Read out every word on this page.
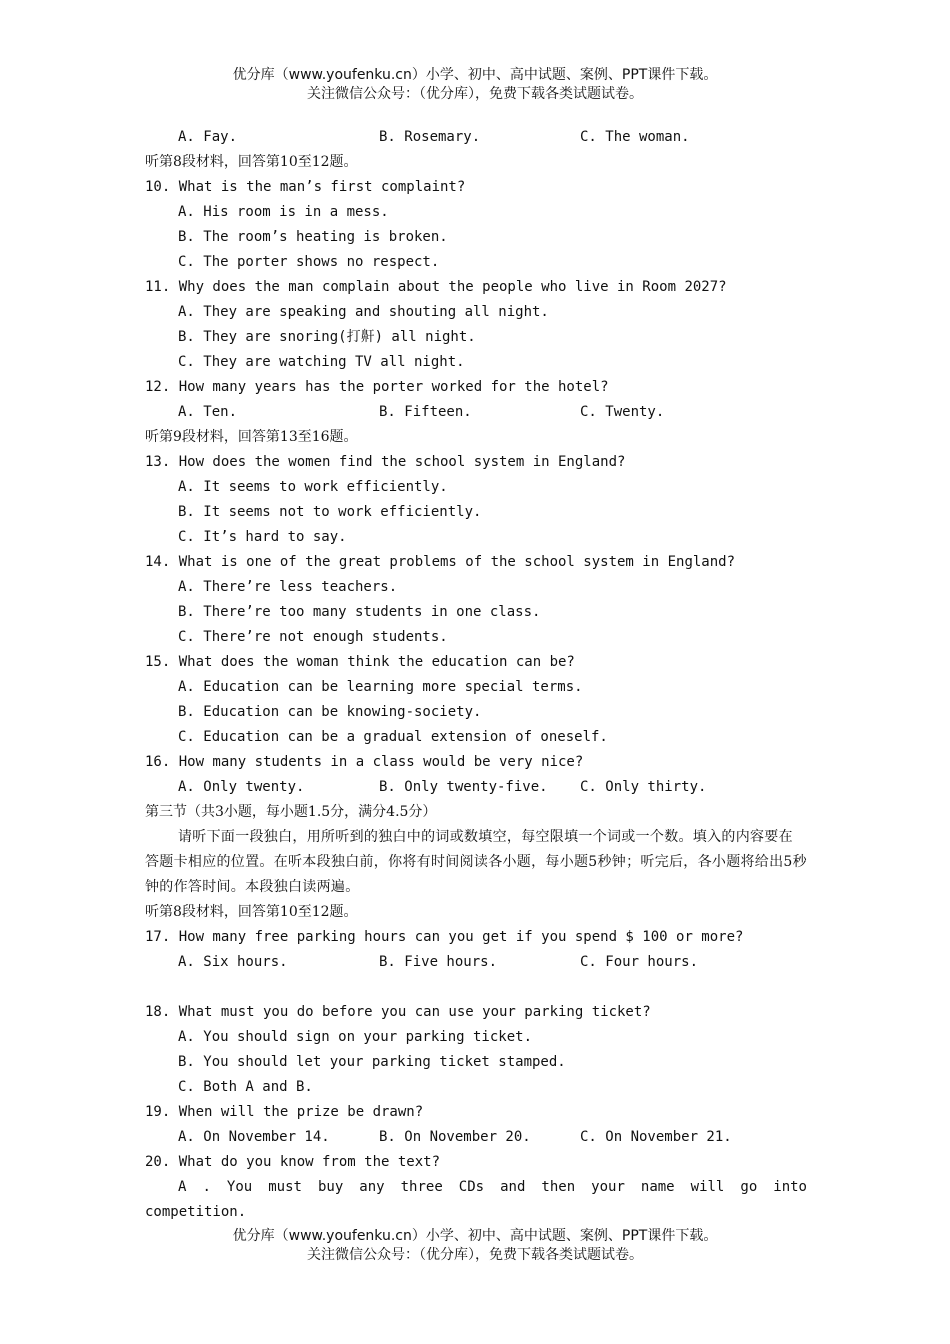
优分库（www.youfenku.cn）小学、初中、高中试题、案例、PPT课件下载。
关注微信公众号：（优分库），免费下载各类试题试卷。
A. Fay.	B. Rosemary.	C. The woman.
听第8段材料，回答第10至12题。
10. What is the man’s first complaint?
A. His room is in a mess.
B. The room’s heating is broken.
C. The porter shows no respect.
11. Why does the man complain about the people who live in Room 2027?
A. They are speaking and shouting all night.
B. They are snoring(打鼾) all night.
C. They are watching TV all night.
12. How many years has the porter worked for the hotel?
A. Ten.	B. Fifteen.	C. Twenty.
听第9段材料，回答第13至16题。
13. How does the women find the school system in England?
A. It seems to work efficiently.
B. It seems not to work efficiently.
C. It’s hard to say.
14. What is one of the great problems of the school system in England?
A. There’re less teachers.
B. There’re too many students in one class.
C. There’re not enough students.
15. What does the woman think the education can be?
A. Education can be learning more special terms.
B. Education can be knowing-society.
C. Education can be a gradual extension of oneself.
16. How many students in a class would be very nice?
A. Only twenty.	B. Only twenty-five.	C. Only thirty.
第三节（共3小题，每小题1.5分，满分4.5分）
请听下面一段独白，用所听到的独白中的词或数填空，每空限填一个词或一个数。填入的内容要在答题卡相应的位置。在听本段独白前，你将有时间阅读各小题，每小题5秒钟；听完后，各小题将给出5秒钟的作答时间。本段独白读两遍。
听第8段材料，回答第10至12题。
17. How many free parking hours can you get if you spend $ 100 or more?
A. Six hours.	B. Five hours.	C. Four hours.
18. What must you do before you can use your parking ticket?
A. You should sign on your parking ticket.
B. You should let your parking ticket stamped.
C. Both A and B.
19. When will the prize be drawn?
A. On November 14.	B. On November 20.	C. On November 21.
20. What do you know from the text?
A . You must buy any three CDs and then your name will go into
competition.
优分库（www.youfenku.cn）小学、初中、高中试题、案例、PPT课件下载。
关注微信公众号：（优分库），免费下载各类试题试卷。
